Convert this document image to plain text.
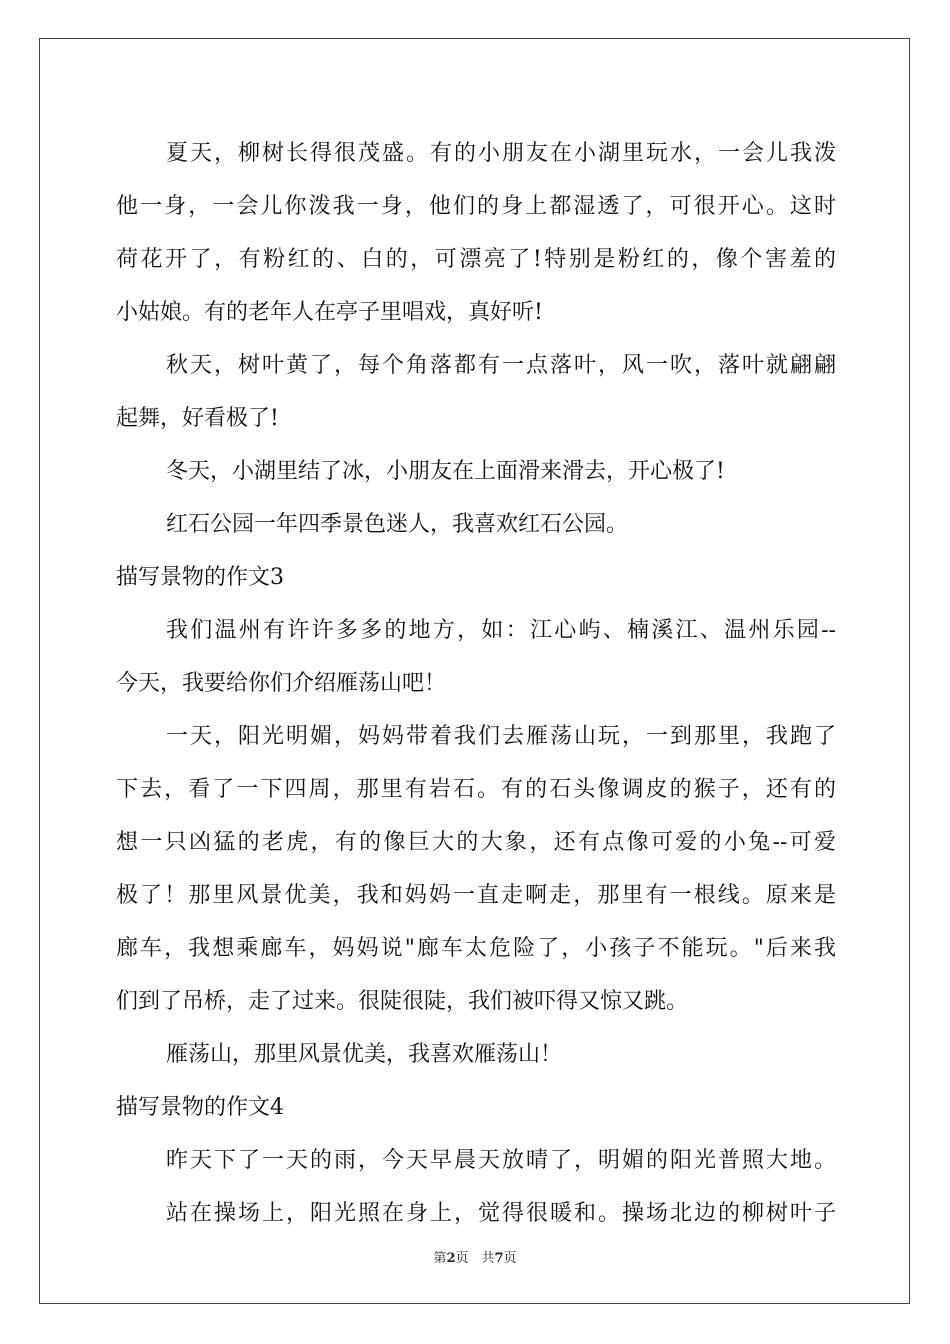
夏天，柳树长得很茂盛。有的小朋友在小湖里玩水，一会儿我泼
他一身，一会儿你泼我一身，他们的身上都湿透了，可很开心。这时
荷花开了，有粉红的、白的，可漂亮了!特别是粉红的，像个害羞的
小姑娘。有的老年人在亭子里唱戏，真好听!
秋天，树叶黄了，每个角落都有一点落叶，风一吹，落叶就翩翩
起舞，好看极了!
冬天，小湖里结了冰，小朋友在上面滑来滑去，开心极了!
红石公园一年四季景色迷人，我喜欢红石公园。
描写景物的作文3
我们温州有许许多多的地方，如：江心屿、楠溪江、温州乐园--
今天，我要给你们介绍雁荡山吧！
一天，阳光明媚，妈妈带着我们去雁荡山玩，一到那里，我跑了
下去，看了一下四周，那里有岩石。有的石头像调皮的猴子，还有的
想一只凶猛的老虎，有的像巨大的大象，还有点像可爱的小兔--可爱
极了！那里风景优美，我和妈妈一直走啊走，那里有一根线。原来是
廊车，我想乘廊车，妈妈说"廊车太危险了，小孩子不能玩。"后来我
们到了吊桥，走了过来。很陡很陡，我们被吓得又惊又跳。
雁荡山，那里风景优美，我喜欢雁荡山！
描写景物的作文4
昨天下了一天的雨，今天早晨天放晴了，明媚的阳光普照大地。
站在操场上，阳光照在身上，觉得很暖和。操场北边的柳树叶子
第2页　共7页
